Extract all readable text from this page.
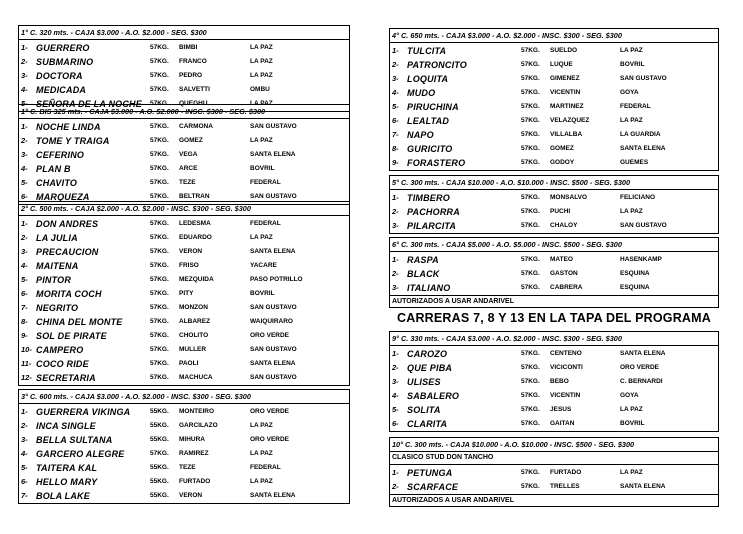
1° C. 320 mts. - CAJA $3.000 - A.O. $2.000 - SEG. $300
1- GUERRERO	57KG. BIMBI	LA PAZ
2- SUBMARINO	57KG. FRANCO	LA PAZ
3- DOCTORA	57KG. PEDRO	LA PAZ
4- MEDICADA	57KG. SALVETTI	OMBU
5- SEÑORA DE LA NOCHE 57KG. QUEGHU	LA PAZ
1° C. BIS 325 mts. - CAJA $3.000 - A.O. $2.000 - INSC. $300 - SEG. $300
1- NOCHE LINDA	57KG. CARMONA	SAN GUSTAVO
2- TOME Y TRAIGA	57KG. GOMEZ	LA PAZ
3- CEFERINO	57KG. VEGA	SANTA ELENA
4- PLAN B	57KG. ARCE	BOVRIL
5- CHAVITO	57KG. TEZE	FEDERAL
6- MARQUEZA	57KG. BELTRAN	SAN GUSTAVO
2° C. 500 mts. - CAJA $2.000 - A.O. $2.000 - INSC. $300 - SEG. $300
1- DON ANDRES	57KG. LEDESMA	FEDERAL
2- LA JULIA	57KG. EDUARDO	LA PAZ
3- PRECAUCION	57KG. VERON	SANTA ELENA
4- MAITENA	57KG. FRISO	YACARE
5- PINTOR	57KG. MEZQUIDA	PASO POTRILLO
6- MORITA COCH	57KG. PITY	BOVRIL
7- NEGRITO	57KG. MONZON	SAN GUSTAVO
8- CHINA DEL MONTE	57KG. ALBAREZ	WAIQUIRARO
9- SOL DE PIRATE	57KG. CHOLITO	ORO VERDE
10- CAMPERO	57KG. MULLER	SAN GUSTAVO
11- COCO RIDE	57KG. PAOLI	SANTA ELENA
12- SECRETARIA	57KG. MACHUCA	SAN GUSTAVO
3° C. 600 mts. - CAJA $3.000 - A.O. $2.000 - INSC. $300 - SEG. $300
1- GUERRERA VIKINGA	55KG. MONTEIRO	ORO VERDE
2- INCA SINGLE	55KG. GARCILAZO	LA PAZ
3- BELLA SULTANA	55KG. MIHURA	ORO VERDE
4- GARCERO ALEGRE	57KG. RAMIREZ	LA PAZ
5- TAITERA KAL	55KG. TEZE	FEDERAL
6- HELLO MARY	55KG. FURTADO	LA PAZ
7- BOLA LAKE	55KG. VERON	SANTA ELENA
CARRERAS 7, 8 Y 13 EN LA TAPA DEL PROGRAMA
4° C. 650 mts. - CAJA $3.000 - A.O. $2.000 - INSC. $300 - SEG. $300
1- TULCITA	57KG. SUELDO	LA PAZ
2- PATRONCITO	57KG. LUQUE	BOVRIL
3- LOQUITA	57KG. GIMENEZ	SAN GUSTAVO
4- MUDO	57KG. VICENTIN	GOYA
5- PIRUCHINA	57KG. MARTINEZ	FEDERAL
6- LEALTAD	57KG. VELAZQUEZ	LA PAZ
7- NAPO	57KG. VILLALBA	LA GUARDIA
8- GURICITO	57KG. GOMEZ	SANTA ELENA
9- FORASTERO	57KG. GODOY	GUEMES
5° C. 300 mts. - CAJA $10.000 - A.O. $10.000 - INSC. $500 - SEG. $300
1- TIMBERO	57KG. MONSALVO	FELICIANO
2- PACHORRA	57KG. PUCHI	LA PAZ
3- PILARCITA	57KG. CHALOY	SAN GUSTAVO
6° C. 300 mts. - CAJA $5.000 - A.O. $5.000 - INSC. $500 - SEG. $300
1- RASPA	57KG. MATEO	HASENKAMP
2- BLACK	57KG. GASTON	ESQUINA
3- ITALIANO	57KG. CABRERA	ESQUINA
AUTORIZADOS A USAR ANDARIVEL
9° C. 330 mts. - CAJA $3.000 - A.O. $2.000 - INSC. $300 - SEG. $300
1- CAROZO	57KG. CENTENO	SANTA ELENA
2- QUE PIBA	57KG. VICICONTI	ORO VERDE
3- ULISES	57KG. BEBO	C. BERNARDI
4- SABALERO	57KG. VICENTIN	GOYA
5- SOLITA	57KG. JESUS	LA PAZ
6- CLARITA	57KG. GAITAN	BOVRIL
10° C. 300 mts. - CAJA $10.000 - A.O. $10.000 - INSC. $500 - SEG. $300
CLASICO STUD DON TANCHO
1- PETUNGA	57KG. FURTADO	LA PAZ
2- SCARFACE	57KG. TRELLES	SANTA ELENA
AUTORIZADOS A USAR ANDARIVEL
